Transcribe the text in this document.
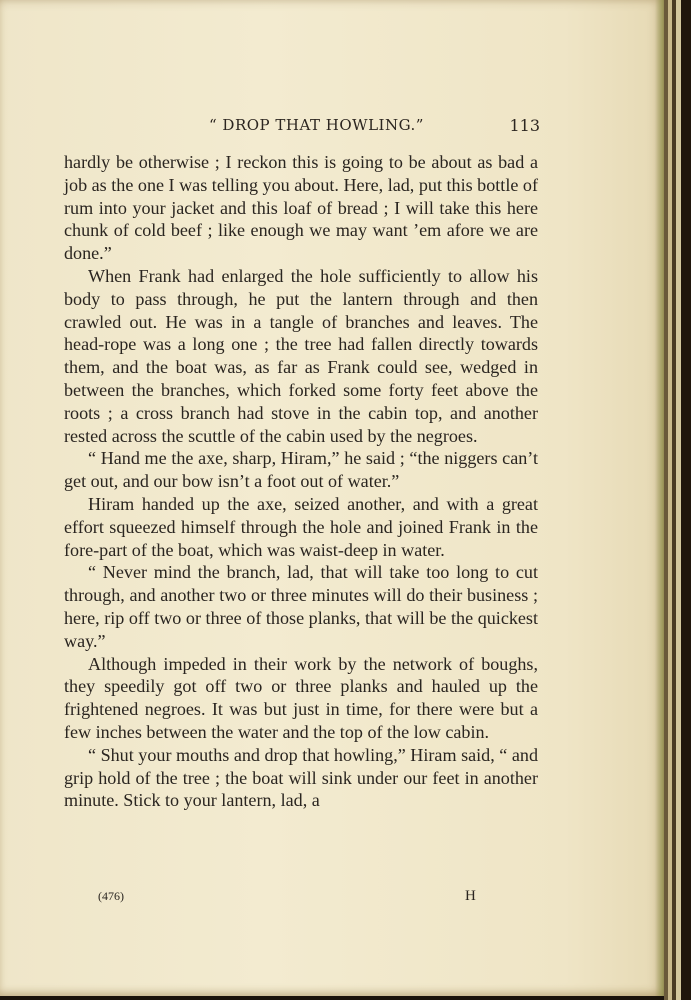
“ DROP THAT HOWLING.”	113

hardly be otherwise ; I reckon this is going to be about as bad a job as the one I was telling you about. Here, lad, put this bottle of rum into your jacket and this loaf of bread ; I will take this here chunk of cold beef ; like enough we may want ’em afore we are done.”

When Frank had enlarged the hole sufficiently to allow his body to pass through, he put the lantern through and then crawled out. He was in a tangle of branches and leaves. The head-rope was a long one ; the tree had fallen directly towards them, and the boat was, as far as Frank could see, wedged in between the branches, which forked some forty feet above the roots ; a cross branch had stove in the cabin top, and another rested across the scuttle of the cabin used by the negroes.

“ Hand me the axe, sharp, Hiram,” he said ; “the niggers can’t get out, and our bow isn’t a foot out of water.”

Hiram handed up the axe, seized another, and with a great effort squeezed himself through the hole and joined Frank in the fore-part of the boat, which was waist-deep in water.

“ Never mind the branch, lad, that will take too long to cut through, and another two or three minutes will do their business ; here, rip off two or three of those planks, that will be the quickest way.”

Although impeded in their work by the network of boughs, they speedily got off two or three planks and hauled up the frightened negroes. It was but just in time, for there were but a few inches between the water and the top of the low cabin.

“ Shut your mouths and drop that howling,” Hiram said, “ and grip hold of the tree ; the boat will sink under our feet in another minute. Stick to your lantern, lad, a

(476)	H
